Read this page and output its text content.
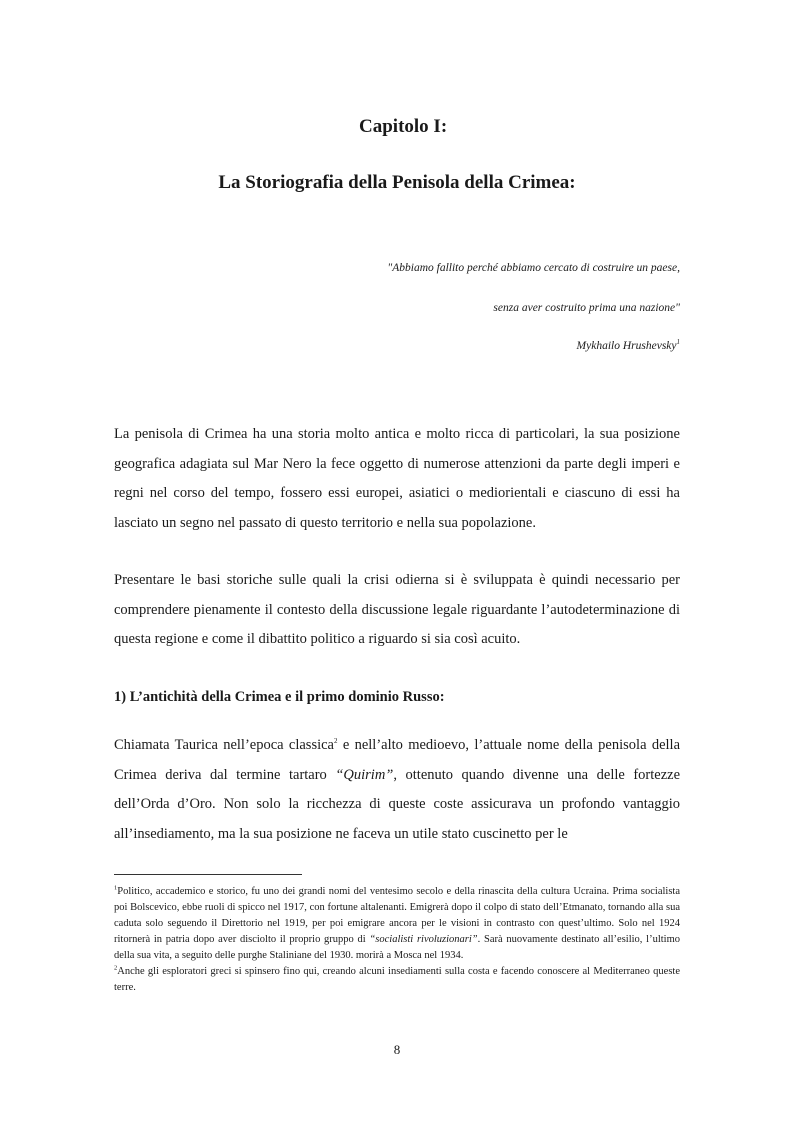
Capitolo I:
La Storiografia della Penisola della Crimea:

"Abbiamo fallito perché abbiamo cercato di costruire un paese,

senza aver costruito prima una nazione"

Mykhailo Hrushevsky$^1$

La penisola di Crimea ha una storia molto antica e molto ricca di particolari, la sua posizione geografica adagiata sul Mar Nero la fece oggetto di numerose attenzioni da parte degli imperi e regni nel corso del tempo, fossero essi europei, asiatici o mediorientali e ciascuno di essi ha lasciato un segno nel passato di questo territorio e nella sua popolazione.

Presentare le basi storiche sulle quali la crisi odierna si è sviluppata è quindi necessario per comprendere pienamente il contesto della discussione legale riguardante l’autodeterminazione di questa regione e come il dibattito politico a riguardo si sia così acuito.

1) L’antichità della Crimea e il primo dominio Russo:

Chiamata Taurica nell’epoca classica$^2$ e nell’alto medioevo, l’attuale nome della penisola della Crimea deriva dal termine tartaro “Quirim”, ottenuto quando divenne una delle fortezze dell’Orda d’Oro. Non solo la ricchezza di queste coste assicurava un profondo vantaggio all’insediamento, ma la sua posizione ne faceva un utile stato cuscinetto per le

$^1$Politico, accademico e storico, fu uno dei grandi nomi del ventesimo secolo e della rinascita della cultura Ucraina. Prima socialista poi Bolscevico, ebbe ruoli di spicco nel 1917, con fortune altalenanti. Emigrerà dopo il colpo di stato dell’Etmanato, tornando alla sua caduta solo seguendo il Direttorio nel 1919, per poi emigrare ancora per le visioni in contrasto con quest’ultimo. Solo nel 1924 ritornerà in patria dopo aver disciolto il proprio gruppo di “socialisti rivoluzionari”. Sarà nuovamente destinato all’esilio, l’ultimo della sua vita, a seguito delle purghe Staliniane del 1930. morirà a Mosca nel 1934.

$^2$Anche gli esploratori greci si spinsero fino qui, creando alcuni insediamenti sulla costa e facendo conoscere al Mediterraneo queste terre.

8
